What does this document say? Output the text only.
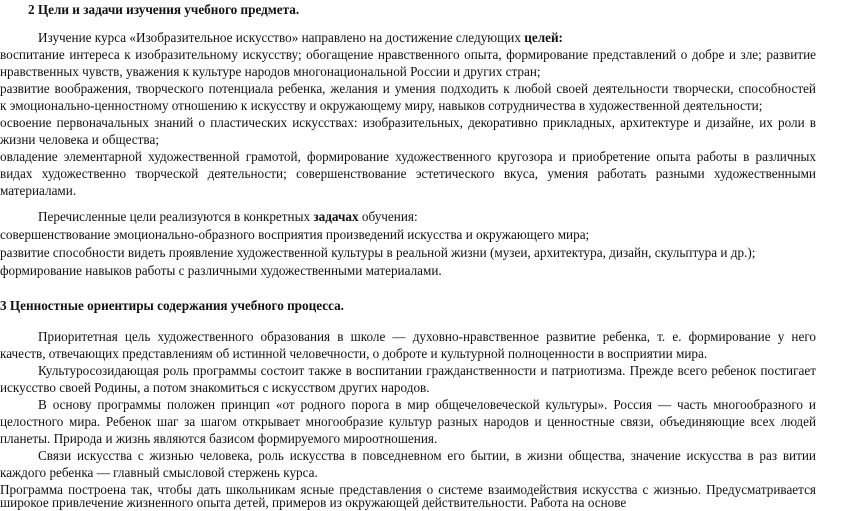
2 Цели и задачи изучения учебного предмета.
Изучение курса «Изобразительное искусство» направлено на достижение следующих целей:
воспитание интереса к изобразительному искусству; обогащение нравственного опыта, формирование представлений о добре и зле; развитие
нравственных чувств, уважения к культуре народов многонациональной России и других стран;
развитие воображения, творческого потенциала ребенка, желания и умения подходить к любой своей деятельности творчески, способностей
к эмоционально-ценностному отношению к искусству и окружающему миру, навыков сотрудничества в художественной деятельности;
освоение первоначальных знаний о пластических искусствах: изобразительных, декоративно прикладных, архитектуре и дизайне, их роли в
жизни человека и общества;
овладение элементарной художественной грамотой, формирование художественного кругозора и приобретение опыта работы в различных
видах художественно творческой деятельности; совершенствование эстетического вкуса, умения работать разными художественными
материалами.
Перечисленные цели реализуются в конкретных задачах обучения:
совершенствование эмоционально-образного восприятия произведений искусства и окружающего мира;
развитие способности видеть проявление художественной культуры в реальной жизни (музеи, архитектура, дизайн, скульптура и др.);
формирование навыков работы с различными художественными материалами.
3 Ценностные ориентиры содержания учебного процесса.
Приоритетная цель художественного образования в школе — духовно-нравственное развитие ребенка, т. е. формирование у него
качеств, отвечающих представлениям об истинной человечности, о доброте и культурной полноценности в восприятии мира.
Культуросозидающая роль программы состоит также в воспитании гражданственности и патриотизма. Прежде всего ребенок постигает
искусство своей Родины, а потом знакомиться с искусством других народов.
В основу программы положен принцип «от родного порога в мир общечеловеческой культуры». Россия — часть многообразного и
целостного мира. Ребенок шаг за шагом открывает многообразие культур разных народов и ценностные связи, объединяющие всех людей
планеты. Природа и жизнь являются базисом формируемого мироотношения.
Связи искусства с жизнью человека, роль искусства в повседневном его бытии, в жизни общества, значение искусства в раз витии
каждого ребенка — главный смысловой стержень курса.
Программа построена так, чтобы дать школьникам ясные представления о системе взаимодействия искусства с жизнью. Предусматривается
широкое привлечение жизненного опыта детей, примеров из окружающей действительности. Работа на основе
